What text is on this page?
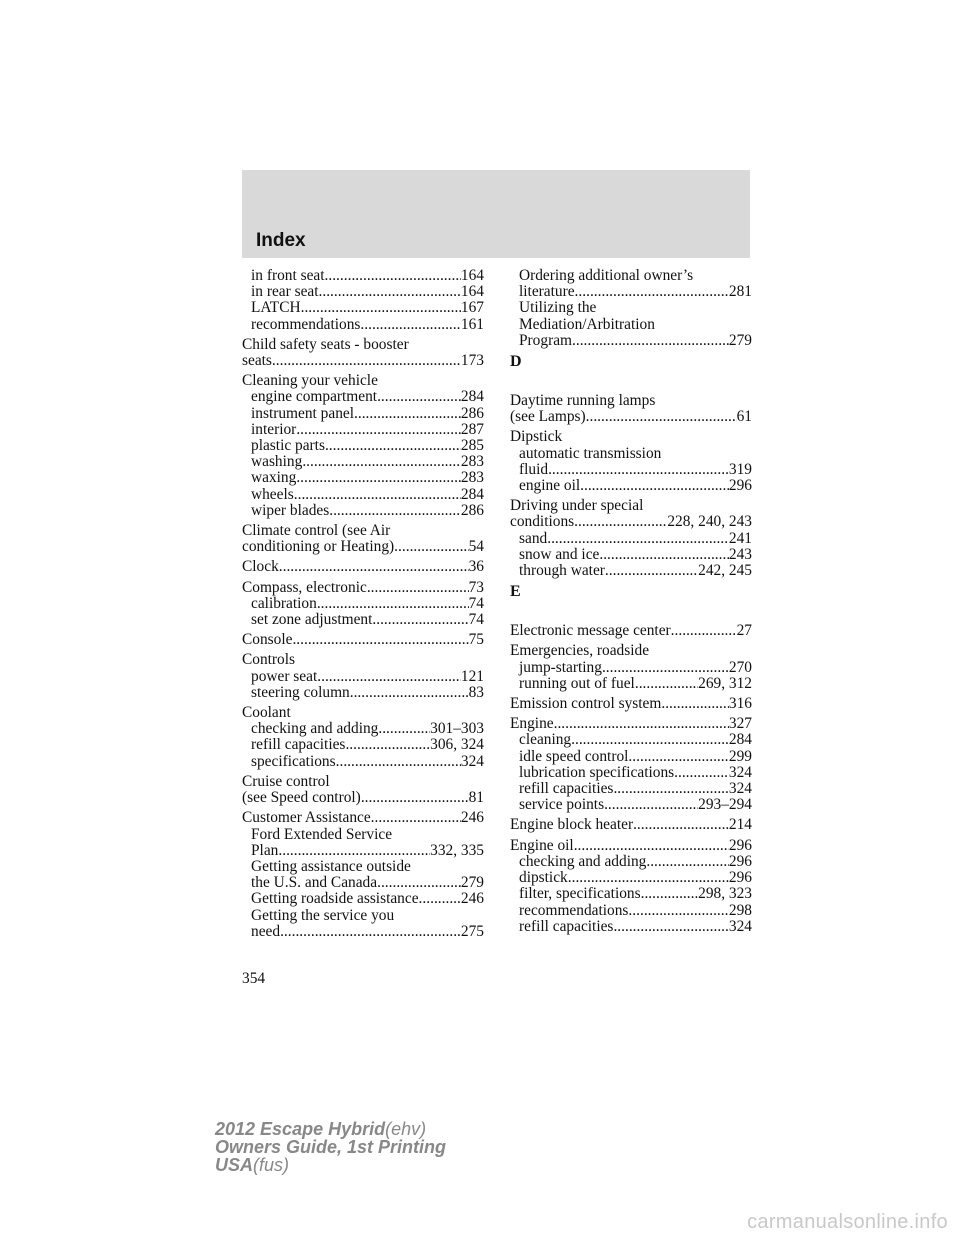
Index
in front seat .....	164
in rear seat .....	164
LATCH .....	167
recommendations .....	161
Child safety seats - booster
seats .....	173
Cleaning your vehicle
engine compartment .....	284
instrument panel .....	286
interior .....	287
plastic parts .....	285
washing .....	283
waxing .....	283
wheels .....	284
wiper blades .....	286
Climate control (see Air
conditioning or Heating) .....	54
Clock .....	36
Compass, electronic .....	73
calibration .....	74
set zone adjustment .....	74
Console .....	75
Controls
power seat .....	121
steering column .....	83
Coolant
checking and adding .....	301–303
refill capacities .....	306, 324
specifications .....	324
Cruise control
(see Speed control) .....	81
Customer Assistance .....	246
Ford Extended Service
Plan .....	332, 335
Getting assistance outside
the U.S. and Canada .....	279
Getting roadside assistance .....	246
Getting the service you
need .....	275
Ordering additional owner’s
literature .....	281
Utilizing the
Mediation/Arbitration
Program .....	279
D
Daytime running lamps
(see Lamps) .....	61
Dipstick
automatic transmission
fluid .....	319
engine oil .....	296
Driving under special
conditions .....	228, 240, 243
sand .....	241
snow and ice .....	243
through water .....	242, 245
E
Electronic message center .....	27
Emergencies, roadside
jump-starting .....	270
running out of fuel .....	269, 312
Emission control system .....	316
Engine .....	327
cleaning .....	284
idle speed control .....	299
lubrication specifications .....	324
refill capacities .....	324
service points .....	293–294
Engine block heater .....	214
Engine oil .....	296
checking and adding .....	296
dipstick .....	296
filter, specifications .....	298, 323
recommendations .....	298
refill capacities .....	324
354
2012 Escape Hybrid(ehv)
Owners Guide, 1st Printing
USA(fus)
carmanualsonline.info
